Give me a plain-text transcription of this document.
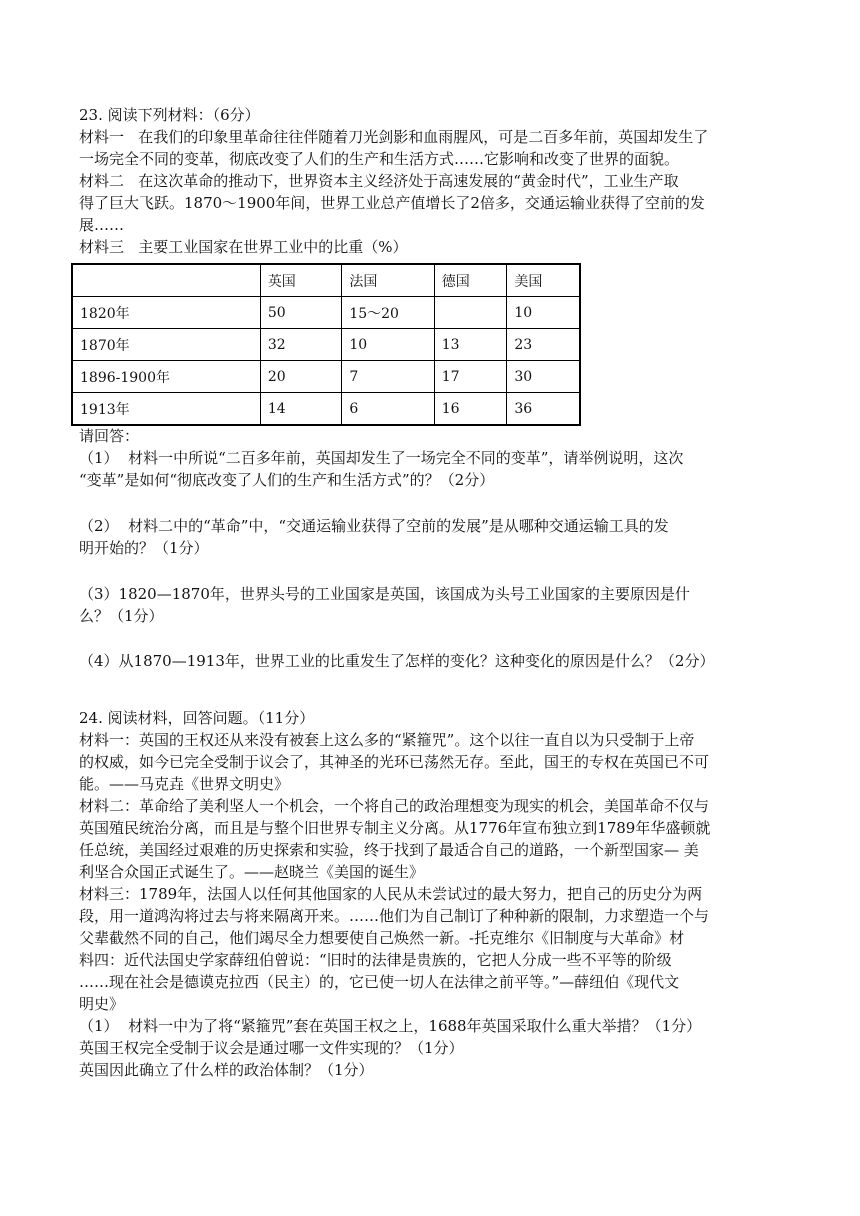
23. 阅读下列材料：（6分）

材料一   在我们的印象里革命往往伴随着刀光剑影和血雨腥风，可是二百多年前，英国却发生了

一场完全不同的变革，彻底改变了人们的生产和生活方式……它影响和改变了世界的面貌。

材料二   在这次革命的推动下，世界资本主义经济处于高速发展的“黄金时代”，工业生产取

得了巨大飞跃。1870～1900年间，世界工业总产值增长了2倍多，交通运输业获得了空前的发

展……

材料三   主要工业国家在世界工业中的比重（%）

	英国	法国	德国	美国
1820年	50	15～20		10
1870年	32	10	13	23
1896-1900年	20	7	17	30
1913年	14	6	16	36

请回答：

（1）  材料一中所说“二百多年前，英国却发生了一场完全不同的变革”，请举例说明，这次

“变革”是如何“彻底改变了人们的生产和生活方式”的？（2分）

（2）  材料二中的“革命”中，“交通运输业获得了空前的发展”是从哪种交通运输工具的发

明开始的？（1分）

（3）1820—1870年，世界头号的工业国家是英国，该国成为头号工业国家的主要原因是什

么？（1分）

（4）从1870—1913年，世界工业的比重发生了怎样的变化？这种变化的原因是什么？（2分）

24. 阅读材料，回答问题。（11分）

材料一：英国的王权还从来没有被套上这么多的“紧箍咒”。这个以往一直自以为只受制于上帝

的权威，如今已完全受制于议会了，其神圣的光环已荡然无存。至此，国王的专权在英国已不可

能。——马克垚《世界文明史》

材料二：革命给了美利坚人一个机会，一个将自己的政治理想变为现实的机会，美国革命不仅与

英国殖民统治分离，而且是与整个旧世界专制主义分离。从1776年宣布独立到1789年华盛顿就

任总统，美国经过艰难的历史探索和实验，终于找到了最适合自己的道路，一个新型国家— 美

利坚合众国正式诞生了。——赵晓兰《美国的诞生》

材料三：1789年，法国人以任何其他国家的人民从未尝试过的最大努力，把自己的历史分为两

段，用一道鸿沟将过去与将来隔离开来。……他们为自己制订了种种新的限制，力求塑造一个与

父辈截然不同的自己，他们竭尽全力想要使自己焕然一新。-托克维尔《旧制度与大革命》材

料四：近代法国史学家薛纽伯曾说：“旧时的法律是贵族的，它把人分成一些不平等的阶级

……现在社会是德谟克拉西（民主）的，它已使一切人在法律之前平等。”—薛纽伯《现代文

明史》

（1）  材料一中为了将“紧箍咒”套在英国王权之上，1688年英国采取什么重大举措？（1分）

英国王权完全受制于议会是通过哪一文件实现的？（1分）

英国因此确立了什么样的政治体制？（1分）
